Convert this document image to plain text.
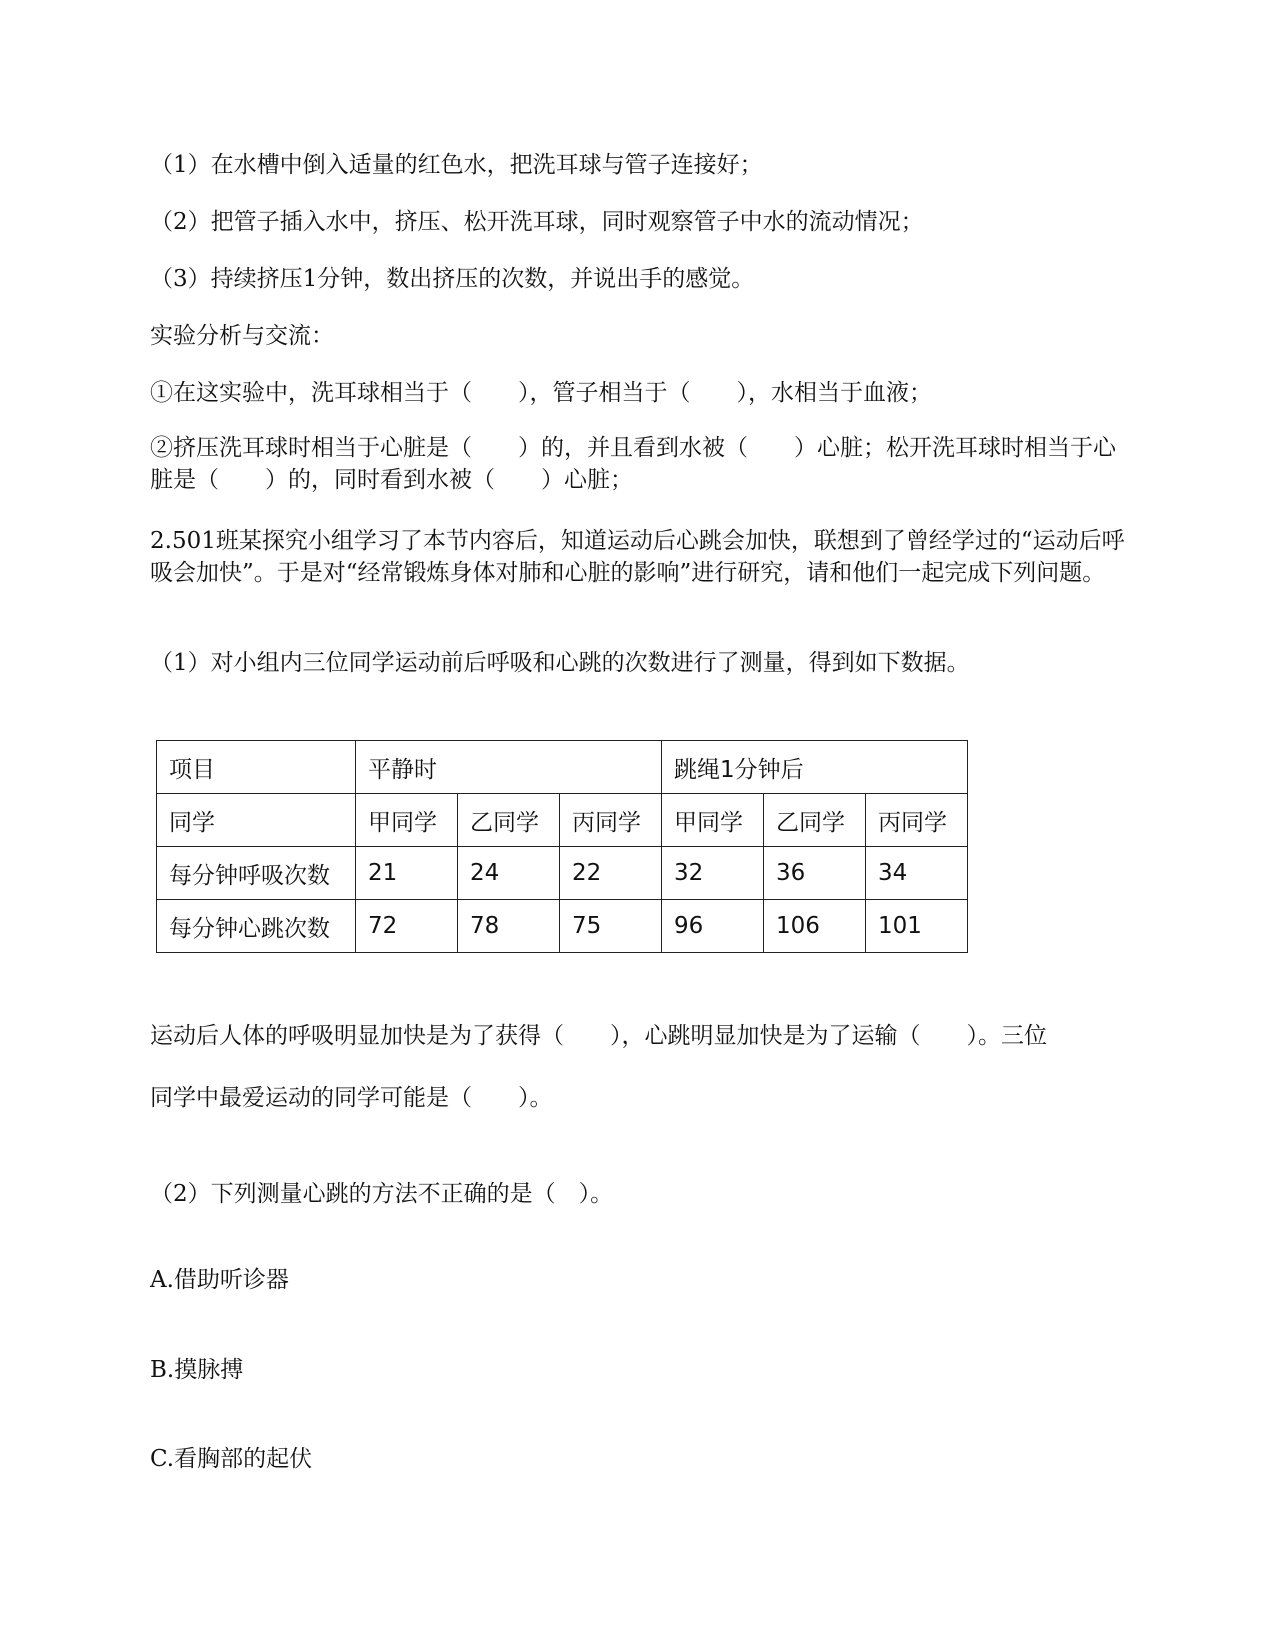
（1）在水槽中倒入适量的红色水，把洗耳球与管子连接好；
（2）把管子插入水中，挤压、松开洗耳球，同时观察管子中水的流动情况；
（3）持续挤压1分钟，数出挤压的次数，并说出手的感觉。
实验分析与交流：
①在这实验中，洗耳球相当于（　　），管子相当于（　　），水相当于血液；
②挤压洗耳球时相当于心脏是（　　）的，并且看到水被（　　）心脏；松开洗耳球时相当于心脏是（　　）的，同时看到水被（　　）心脏；
2.501班某探究小组学习了本节内容后，知道运动后心跳会加快，联想到了曾经学过的“运动后呼吸会加快”。于是对“经常锻炼身体对肺和心脏的影响”进行研究，请和他们一起完成下列问题。
（1）对小组内三位同学运动前后呼吸和心跳的次数进行了测量，得到如下数据。
项目	平静时			跳绳1分钟后		
同学	甲同学	乙同学	丙同学	甲同学	乙同学	丙同学
每分钟呼吸次数	21	24	22	32	36	34
每分钟心跳次数	72	78	75	96	106	101
运动后人体的呼吸明显加快是为了获得（　　），心跳明显加快是为了运输（　　）。三位
同学中最爱运动的同学可能是（　　）。
（2）下列测量心跳的方法不正确的是（　）。
A.借助听诊器
B.摸脉搏
C.看胸部的起伏
